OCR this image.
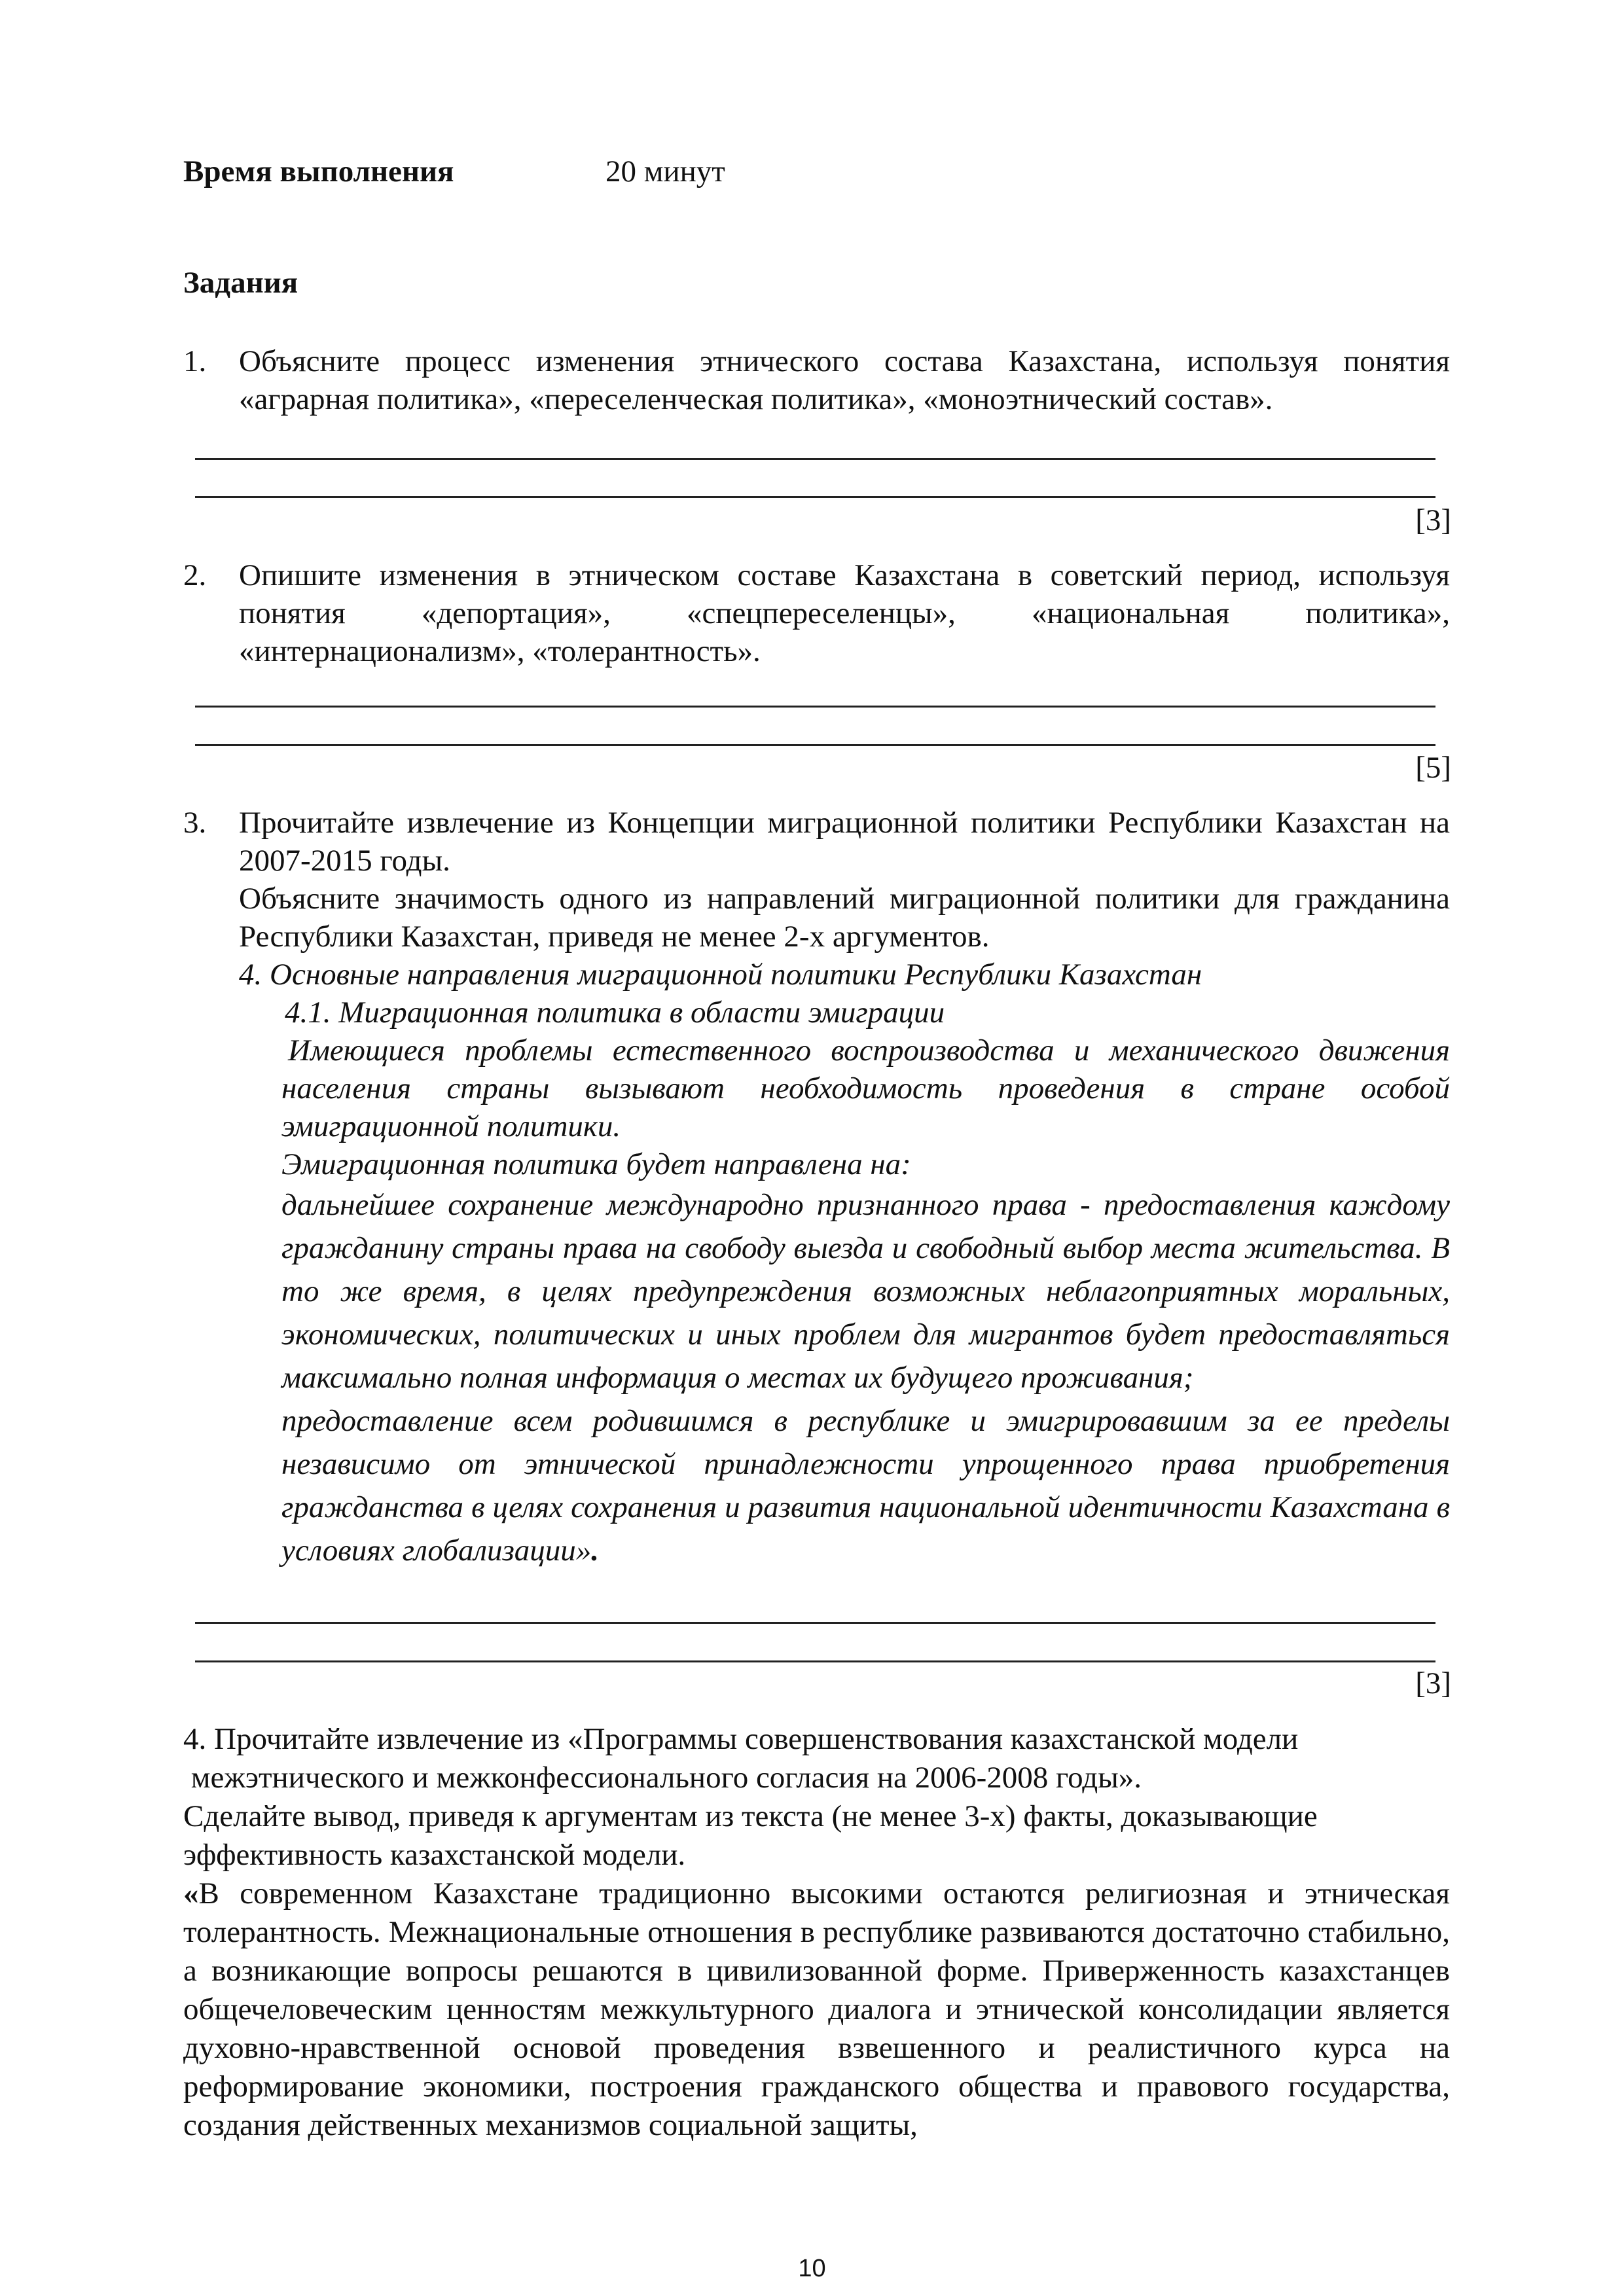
Время выполнения	20 минут
Задания
1. Объясните процесс изменения этнического состава Казахстана, используя понятия «аграрная политика», «переселенческая политика», «моноэтнический состав».
[3]
2. Опишите изменения в этническом составе Казахстана в советский период, используя понятия «депортация», «спецпереселенцы», «национальная политика», «интернационализм», «толерантность».
[5]
3. Прочитайте извлечение из Концепции миграционной политики Республики Казахстан на 2007-2015 годы.
Объясните значимость одного из направлений миграционной политики для гражданина Республики Казахстан, приведя не менее 2-х аргументов.
4. Основные направления миграционной политики Республики Казахстан
4.1. Миграционная политика в области эмиграции
Имеющиеся проблемы естественного воспроизводства и механического движения населения страны вызывают необходимость проведения в стране особой эмиграционной политики.
Эмиграционная политика будет направлена на:
дальнейшее сохранение международно признанного права - предоставления каждому гражданину страны права на свободу выезда и свободный выбор места жительства. В то же время, в целях предупреждения возможных неблагоприятных моральных, экономических, политических и иных проблем для мигрантов будет предоставляться максимально полная информация о местах их будущего проживания;
предоставление всем родившимся в республике и эмигрировавшим за ее пределы независимо от этнической принадлежности упрощенного права приобретения гражданства в целях сохранения и развития национальной идентичности Казахстана в условиях глобализации».
[3]
4. Прочитайте извлечение из «Программы совершенствования казахстанской модели
межэтнического и межконфессионального согласия на 2006-2008 годы».
Сделайте вывод, приведя к аргументам из текста (не менее 3-х) факты, доказывающие
эффективность казахстанской модели.
«В современном Казахстане традиционно высокими остаются религиозная и этническая толерантность. Межнациональные отношения в республике развиваются достаточно стабильно, а возникающие вопросы решаются в цивилизованной форме. Приверженность казахстанцев общечеловеческим ценностям межкультурного диалога и этнической консолидации является духовно-нравственной основой проведения взвешенного и реалистичного курса на реформирование экономики, построения гражданского общества и правового государства, создания действенных механизмов социальной защиты,
10
